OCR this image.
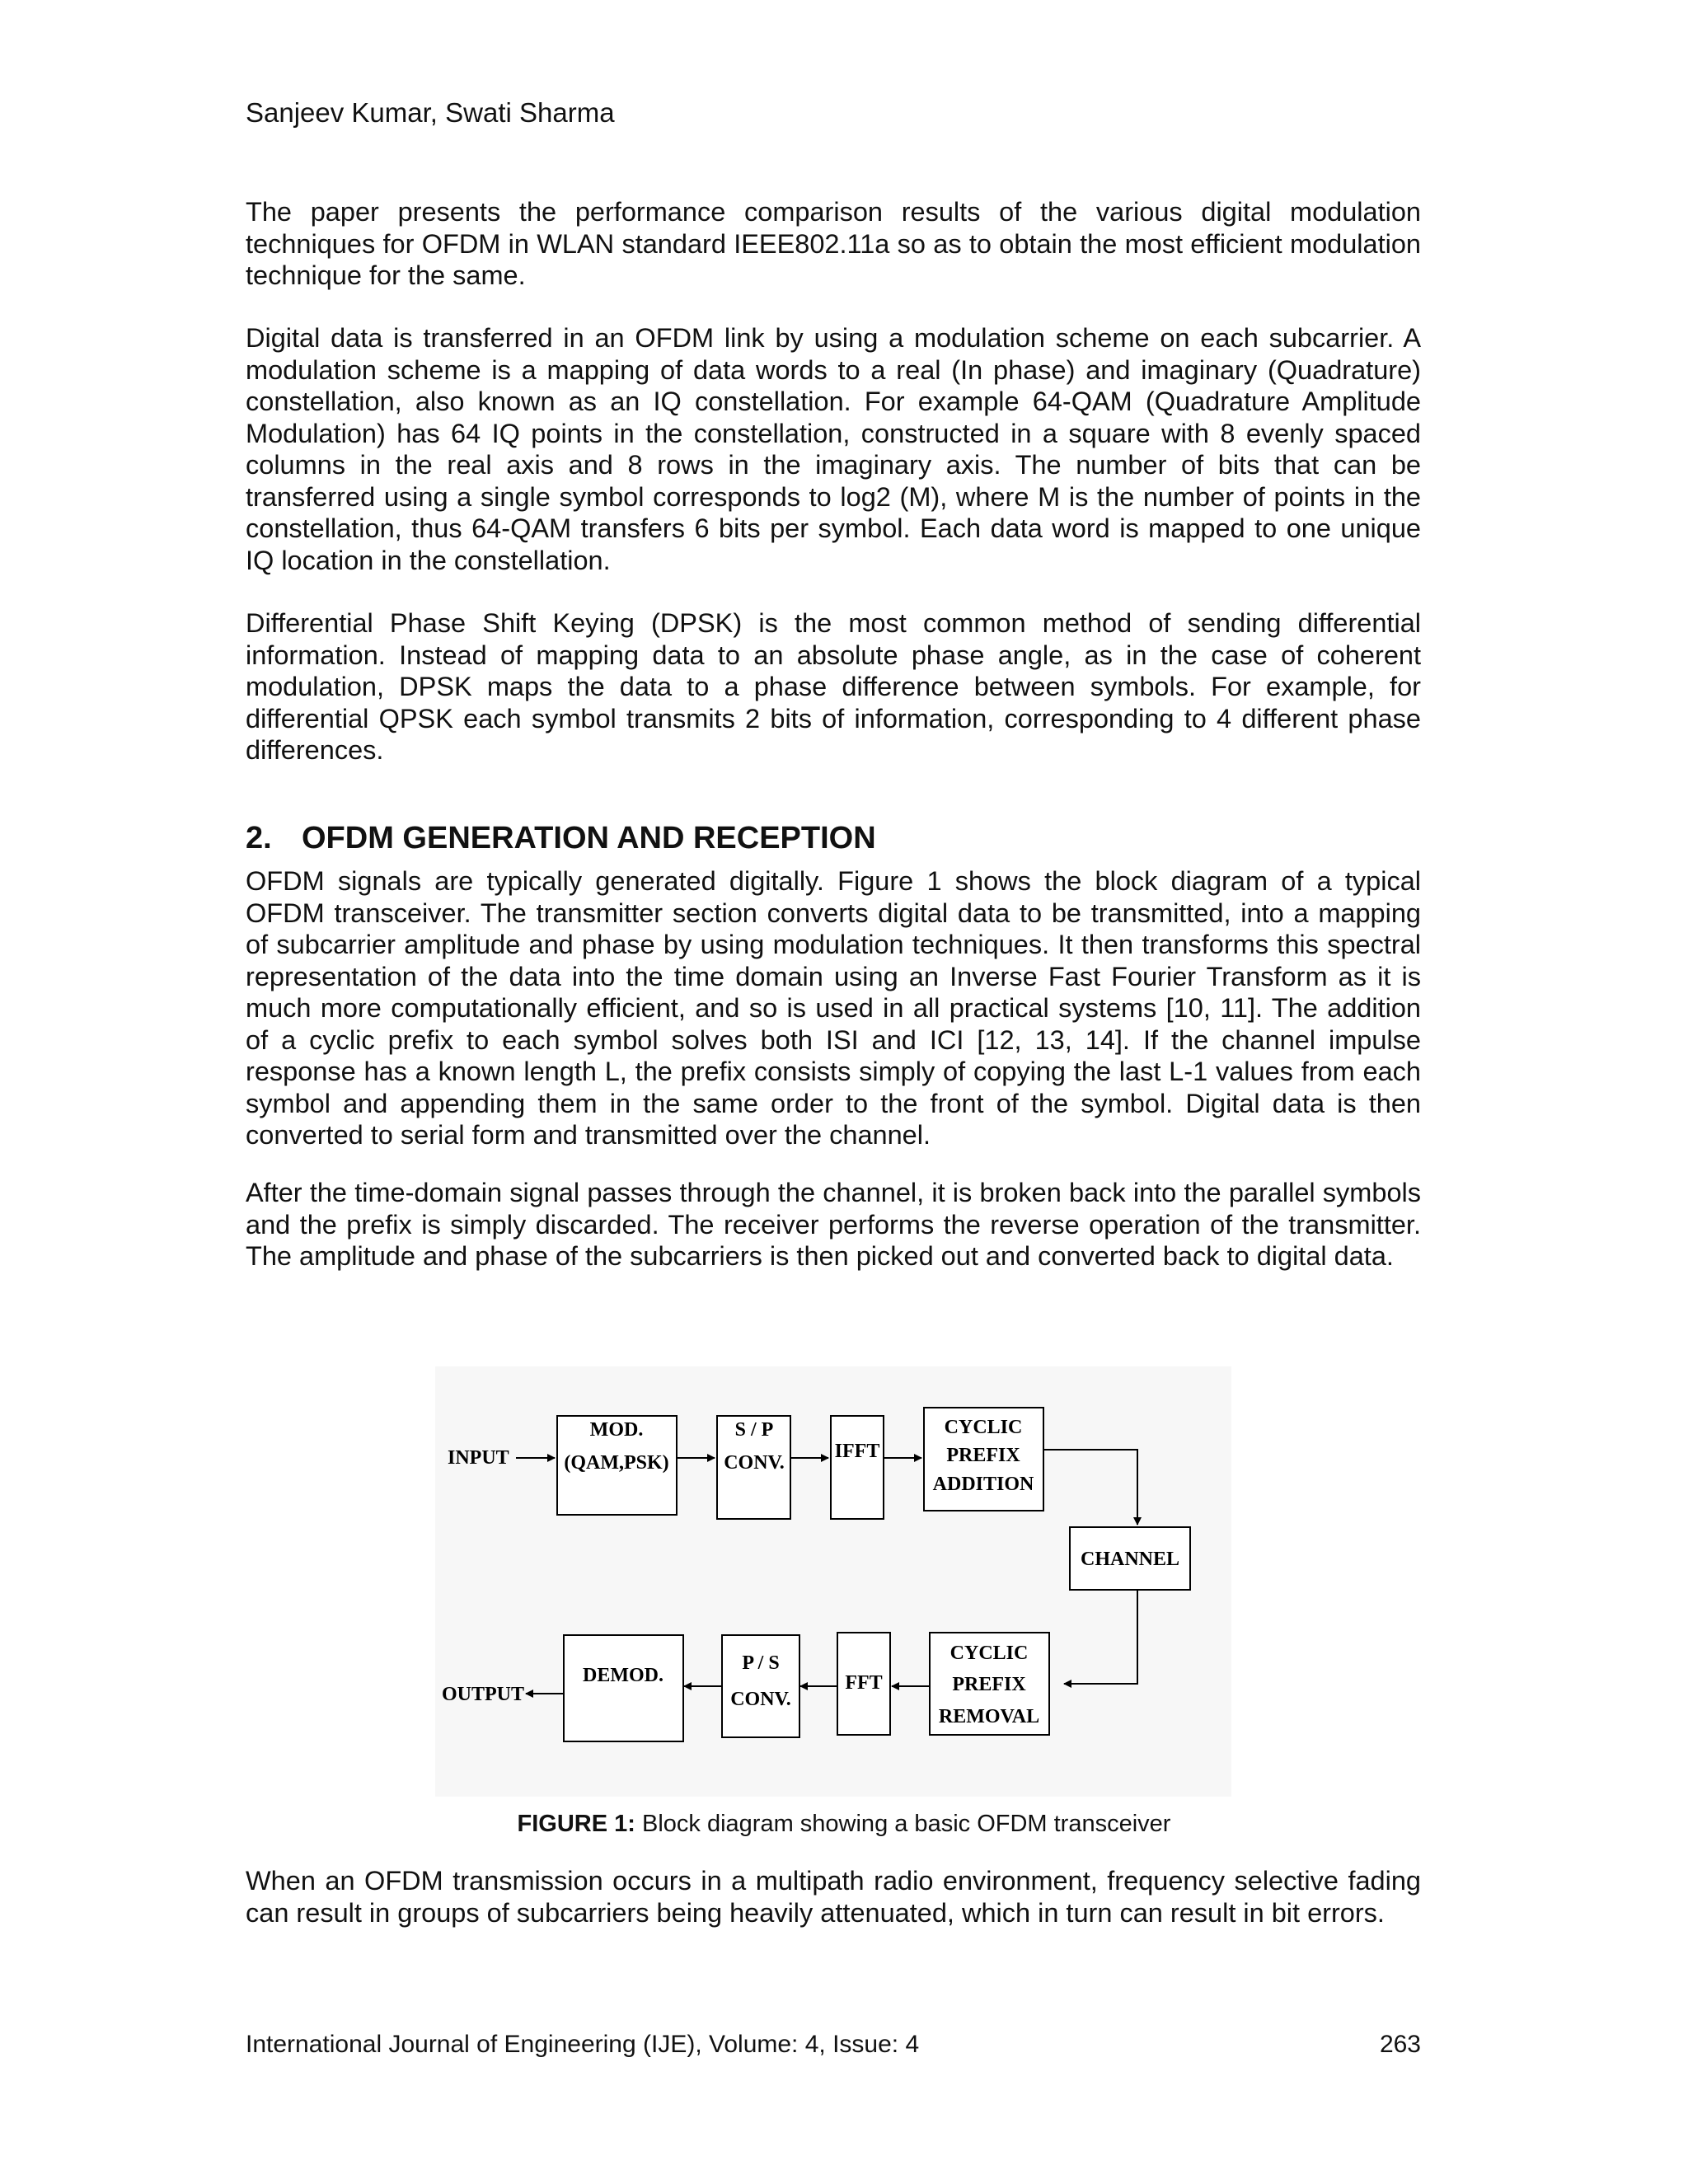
Sanjeev Kumar, Swati Sharma

The paper presents the performance comparison results of the various digital modulation techniques for OFDM in WLAN standard IEEE802.11a so as to obtain the most efficient modulation technique for the same.

Digital data is transferred in an OFDM link by using a modulation scheme on each subcarrier. A modulation scheme is a mapping of data words to a real (In phase) and imaginary (Quadrature) constellation, also known as an IQ constellation. For example 64-QAM (Quadrature Amplitude Modulation) has 64 IQ points in the constellation, constructed in a square with 8 evenly spaced columns in the real axis and 8 rows in the imaginary axis. The number of bits that can be transferred using a single symbol corresponds to log2 (M), where M is the number of points in the constellation, thus 64-QAM transfers 6 bits per symbol. Each data word is mapped to one unique IQ location in the constellation.

Differential Phase Shift Keying (DPSK) is the most common method of sending differential information. Instead of mapping data to an absolute phase angle, as in the case of coherent modulation, DPSK maps the data to a phase difference between symbols. For example, for differential QPSK each symbol transmits 2 bits of information, corresponding to 4 different phase differences.

2. OFDM GENERATION AND RECEPTION

OFDM signals are typically generated digitally. Figure 1 shows the block diagram of a typical OFDM transceiver. The transmitter section converts digital data to be transmitted, into a mapping of subcarrier amplitude and phase by using modulation techniques. It then transforms this spectral representation of the data into the time domain using an Inverse Fast Fourier Transform as it is much more computationally efficient, and so is used in all practical systems [10, 11]. The addition of a cyclic prefix to each symbol solves both ISI and ICI [12, 13, 14]. If the channel impulse response has a known length L, the prefix consists simply of copying the last L-1 values from each symbol and appending them in the same order to the front of the symbol. Digital data is then converted to serial form and transmitted over the channel.

After the time-domain signal passes through the channel, it is broken back into the parallel symbols and the prefix is simply discarded. The receiver performs the reverse operation of the transmitter. The amplitude and phase of the subcarriers is then picked out and converted back to digital data.

INPUT
MOD.
(QAM,PSK)
S / P
CONV.
IFFT
CYCLIC
PREFIX
ADDITION
CHANNEL
CYCLIC
PREFIX
REMOVAL
FFT
P / S
CONV.
DEMOD.
OUTPUT
FIGURE 1: Block diagram showing a basic OFDM transceiver

When an OFDM transmission occurs in a multipath radio environment, frequency selective fading can result in groups of subcarriers being heavily attenuated, which in turn can result in bit errors.

International Journal of Engineering (IJE), Volume: 4, Issue: 4	263
